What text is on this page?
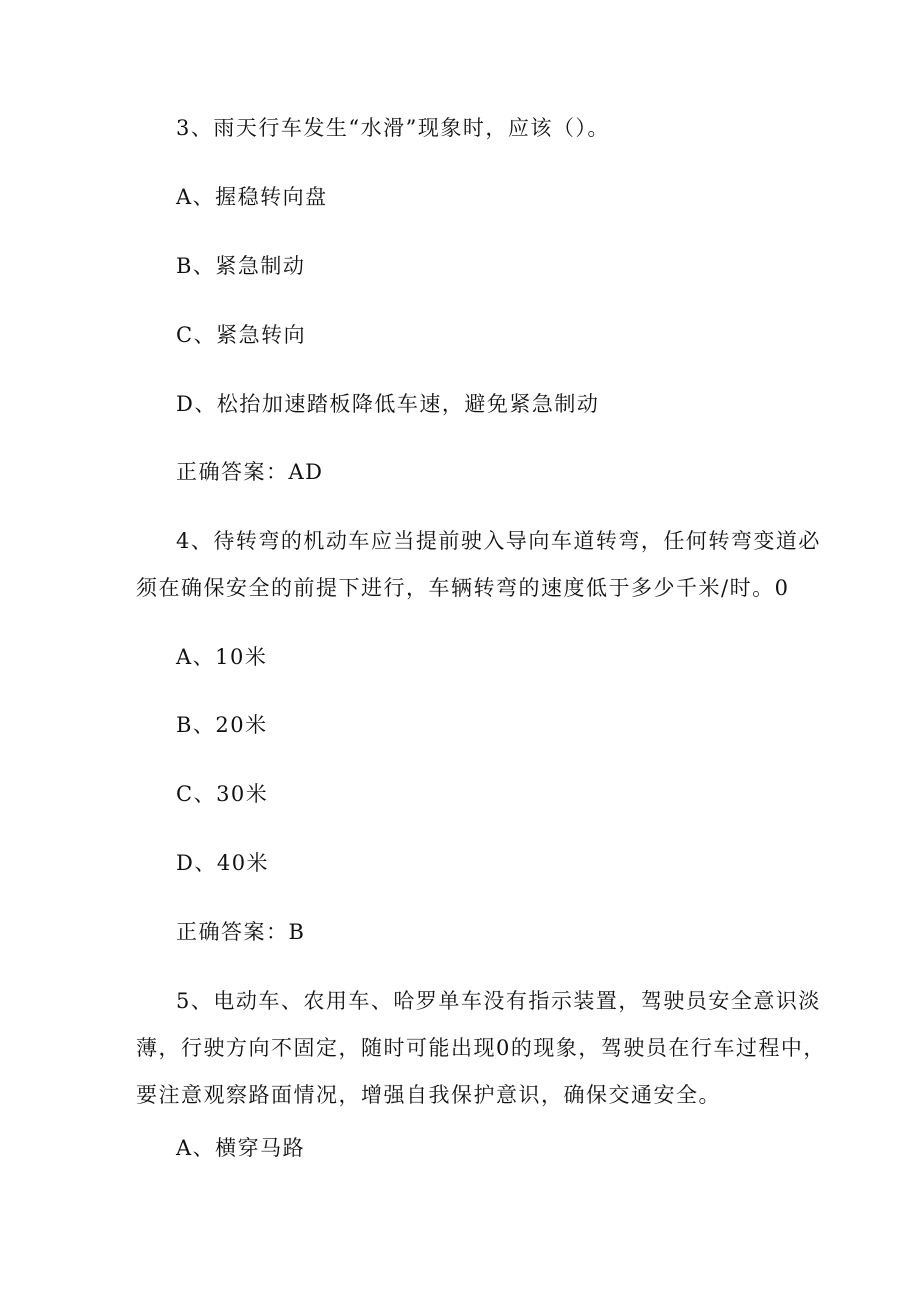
3、雨天行车发生“水滑”现象时，应该（）。
A、握稳转向盘
B、紧急制动
C、紧急转向
D、松抬加速踏板降低车速，避免紧急制动
正确答案：AD
4、待转弯的机动车应当提前驶入导向车道转弯，任何转弯变道必
须在确保安全的前提下进行，车辆转弯的速度低于多少千米/时。0
A、10米
B、20米
C、30米
D、40米
正确答案：B
5、电动车、农用车、哈罗单车没有指示装置，驾驶员安全意识淡
薄，行驶方向不固定，随时可能出现0的现象，驾驶员在行车过程中，
要注意观察路面情况，增强自我保护意识，确保交通安全。
A、横穿马路
